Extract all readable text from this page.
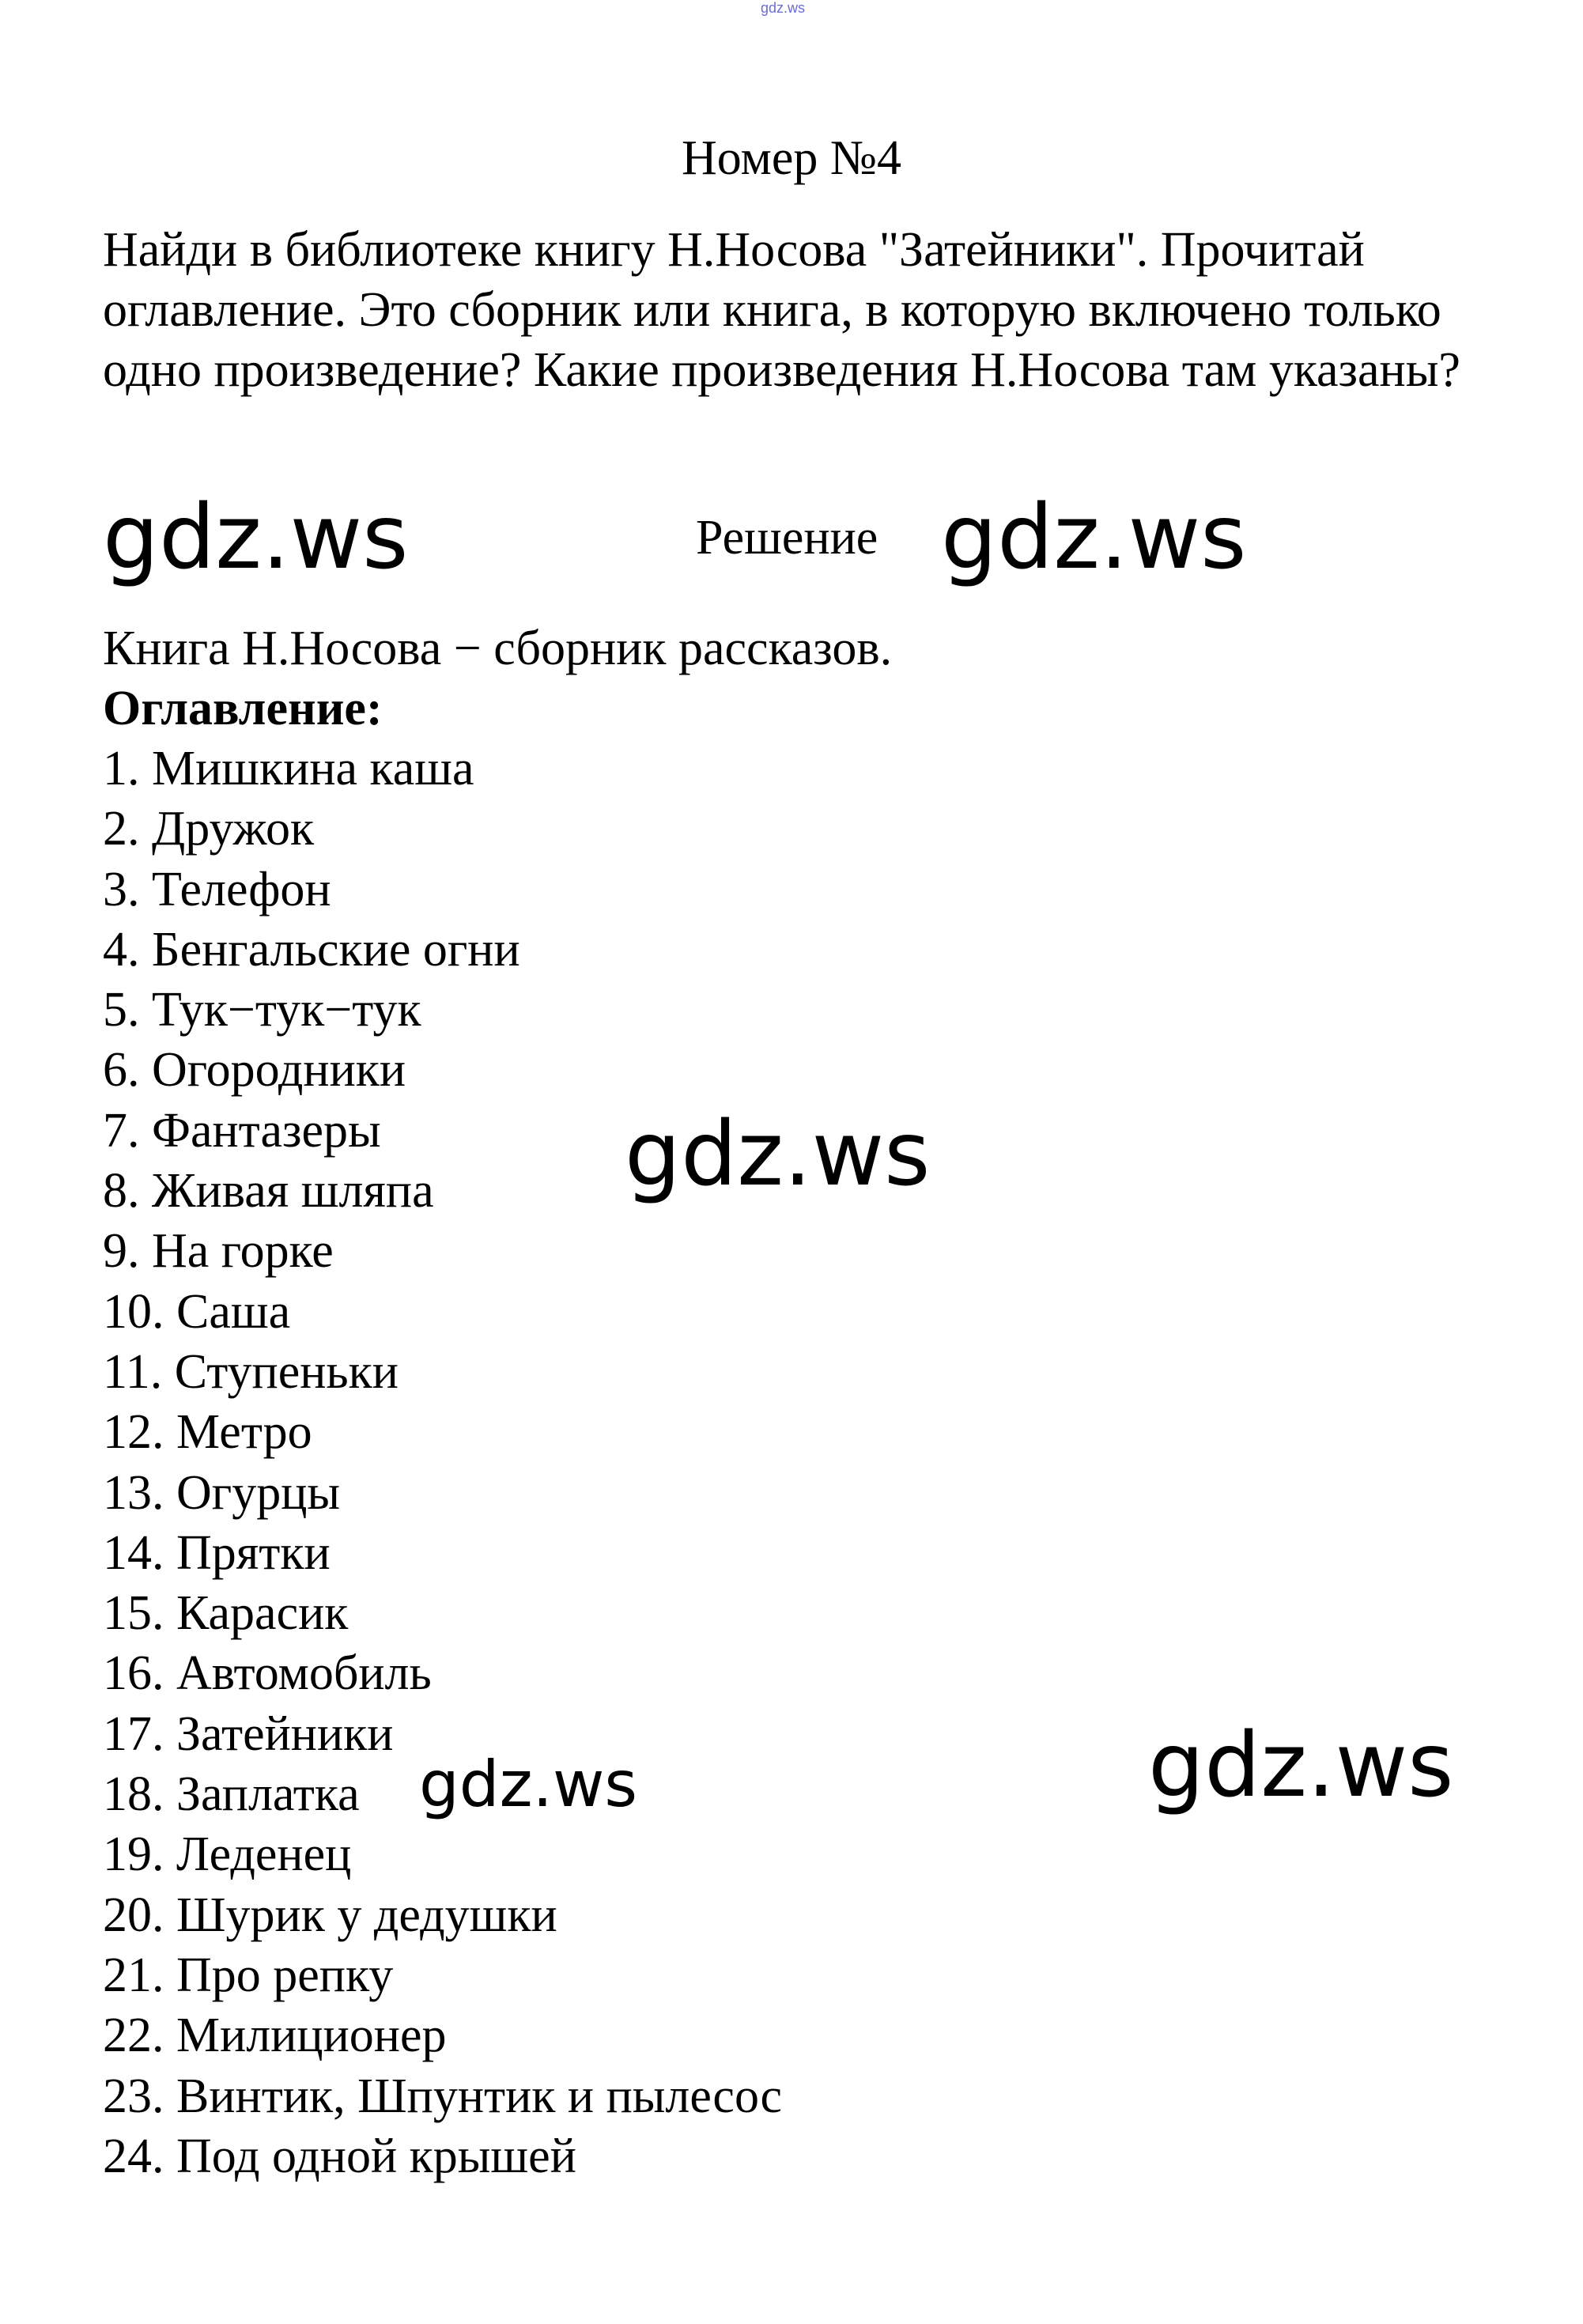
gdz.ws
Номер №4
Найди в библиотеке книгу Н.Носова "Затейники". Прочитай оглавление. Это сборник или книга, в которую включено только одно произведение? Какие произведения Н.Носова там указаны?
gdz.ws	Решение gdz.ws
Книга Н.Носова − сборник рассказов.
Оглавление:
1. Мишкина каша
2. Дружок
3. Телефон
4. Бенгальские огни
5. Тук−тук−тук
6. Огородники
7. Фантазеры
8. Живая шляпа
9. На горке
10. Саша
11. Ступеньки
12. Метро
13. Огурцы
14. Прятки
15. Карасик
16. Автомобиль
17. Затейники
18. Заплатка
19. Леденец
20. Шурик у дедушки
21. Про репку
22. Милиционер
23. Винтик, Шпунтик и пылесос
24. Под одной крышей
gdz.ws
gdz.ws	gdz.ws
